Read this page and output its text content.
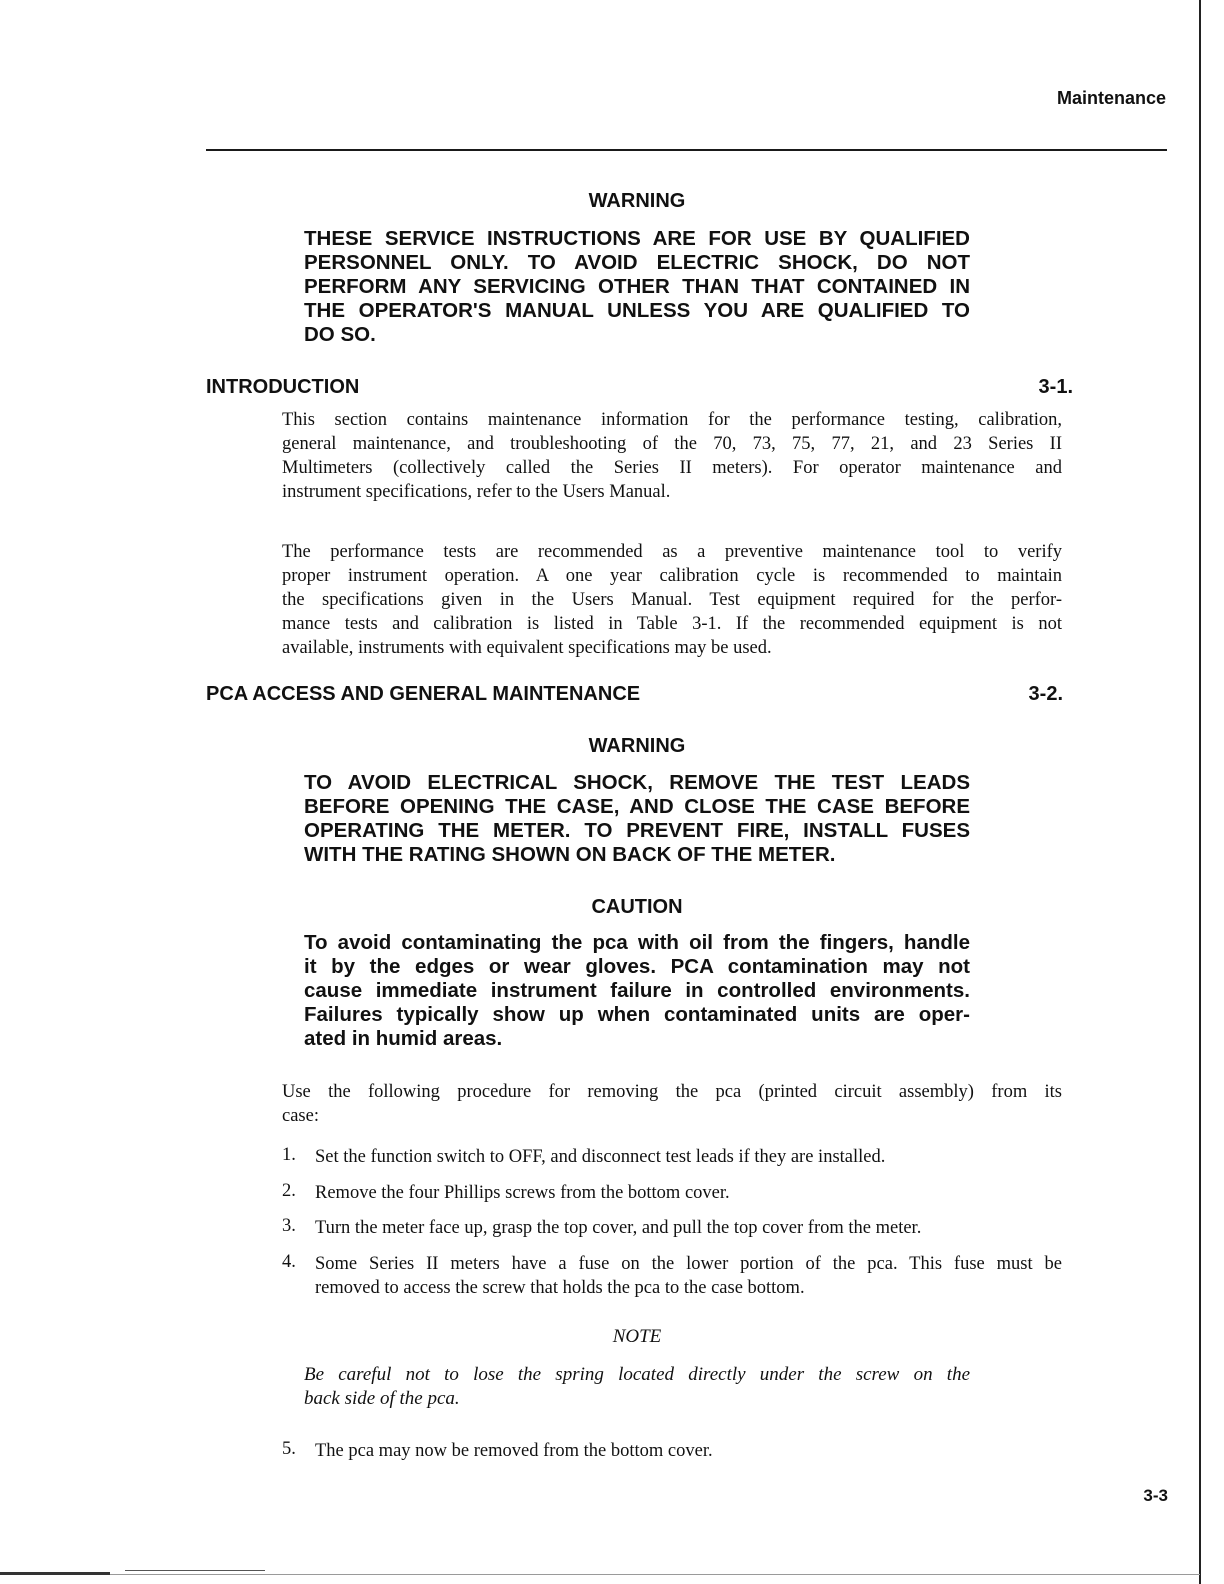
Maintenance
WARNING
THESE SERVICE INSTRUCTIONS ARE FOR USE BY QUALIFIED
PERSONNEL ONLY. TO AVOID ELECTRIC SHOCK, DO NOT
PERFORM ANY SERVICING OTHER THAN THAT CONTAINED IN
THE OPERATOR'S MANUAL UNLESS YOU ARE QUALIFIED TO
DO SO.
INTRODUCTION	3-1.
This section contains maintenance information for the performance testing, calibration,
general maintenance, and troubleshooting of the 70, 73, 75, 77, 21, and 23 Series II
Multimeters (collectively called the Series II meters). For operator maintenance and
instrument specifications, refer to the Users Manual.
The performance tests are recommended as a preventive maintenance tool to verify
proper instrument operation. A one year calibration cycle is recommended to maintain
the specifications given in the Users Manual. Test equipment required for the perfor-
mance tests and calibration is listed in Table 3-1. If the recommended equipment is not
available, instruments with equivalent specifications may be used.
PCA ACCESS AND GENERAL MAINTENANCE	3-2.
WARNING
TO AVOID ELECTRICAL SHOCK, REMOVE THE TEST LEADS
BEFORE OPENING THE CASE, AND CLOSE THE CASE BEFORE
OPERATING THE METER. TO PREVENT FIRE, INSTALL FUSES
WITH THE RATING SHOWN ON BACK OF THE METER.
CAUTION
To avoid contaminating the pca with oil from the fingers, handle
it by the edges or wear gloves. PCA contamination may not
cause immediate instrument failure in controlled environments.
Failures typically show up when contaminated units are oper-
ated in humid areas.
Use the following procedure for removing the pca (printed circuit assembly) from its
case:
1. Set the function switch to OFF, and disconnect test leads if they are installed.
2. Remove the four Phillips screws from the bottom cover.
3. Turn the meter face up, grasp the top cover, and pull the top cover from the meter.
4. Some Series II meters have a fuse on the lower portion of the pca. This fuse must be
removed to access the screw that holds the pca to the case bottom.
NOTE
Be careful not to lose the spring located directly under the screw on the
back side of the pca.
5. The pca may now be removed from the bottom cover.
3-3
